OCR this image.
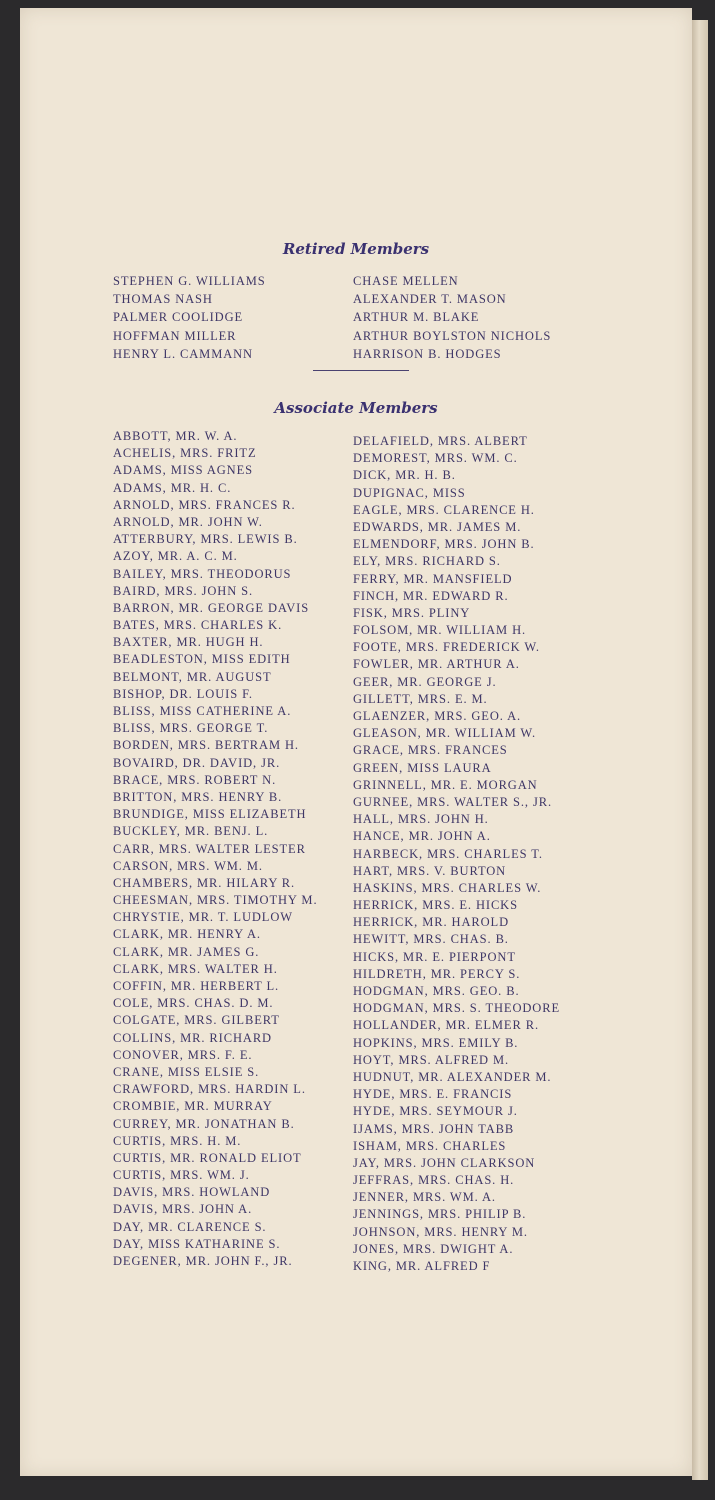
Retired Members
STEPHEN G. WILLIAMS
THOMAS NASH
PALMER COOLIDGE
HOFFMAN MILLER
HENRY L. CAMMANN
CHASE MELLEN
ALEXANDER T. MASON
ARTHUR M. BLAKE
ARTHUR BOYLSTON NICHOLS
HARRISON B. HODGES
Associate Members
ABBOTT, MR. W. A.
ACHELIS, MRS. FRITZ
ADAMS, MISS AGNES
ADAMS, MR. H. C.
ARNOLD, MRS. FRANCES R.
ARNOLD, MR. JOHN W.
ATTERBURY, MRS. LEWIS B.
AZOY, MR. A. C. M.
BAILEY, MRS. THEODORUS
BAIRD, MRS. JOHN S.
BARRON, MR. GEORGE DAVIS
BATES, MRS. CHARLES K.
BAXTER, MR. HUGH H.
BEADLESTON, MISS EDITH
BELMONT, MR. AUGUST
BISHOP, DR. LOUIS F.
BLISS, MISS CATHERINE A.
BLISS, MRS. GEORGE T.
BORDEN, MRS. BERTRAM H.
BOVAIRD, DR. DAVID, JR.
BRACE, MRS. ROBERT N.
BRITTON, MRS. HENRY B.
BRUNDIGE, MISS ELIZABETH
BUCKLEY, MR. BENJ. L.
CARR, MRS. WALTER LESTER
CARSON, MRS. WM. M.
CHAMBERS, MR. HILARY R.
CHEESMAN, MRS. TIMOTHY M.
CHRYSTIE, MR. T. LUDLOW
CLARK, MR. HENRY A.
CLARK, MR. JAMES G.
CLARK, MRS. WALTER H.
COFFIN, MR. HERBERT L.
COLE, MRS. CHAS. D. M.
COLGATE, MRS. GILBERT
COLLINS, MR. RICHARD
CONOVER, MRS. F. E.
CRANE, MISS ELSIE S.
CRAWFORD, MRS. HARDIN L.
CROMBIE, MR. MURRAY
CURREY, MR. JONATHAN B.
CURTIS, MRS. H. M.
CURTIS, MR. RONALD ELIOT
CURTIS, MRS. WM. J.
DAVIS, MRS. HOWLAND
DAVIS, MRS. JOHN A.
DAY, MR. CLARENCE S.
DAY, MISS KATHARINE S.
DEGENER, MR. JOHN F., JR.
DELAFIELD, MRS. ALBERT
DEMOREST, MRS. WM. C.
DICK, MR. H. B.
DUPIGNAC, MISS
EAGLE, MRS. CLARENCE H.
EDWARDS, MR. JAMES M.
ELMENDORF, MRS. JOHN B.
ELY, MRS. RICHARD S.
FERRY, MR. MANSFIELD
FINCH, MR. EDWARD R.
FISK, MRS. PLINY
FOLSOM, MR. WILLIAM H.
FOOTE, MRS. FREDERICK W.
FOWLER, MR. ARTHUR A.
GEER, MR. GEORGE J.
GILLETT, MRS. E. M.
GLAENZER, MRS. GEO. A.
GLEASON, MR. WILLIAM W.
GRACE, MRS. FRANCES
GREEN, MISS LAURA
GRINNELL, MR. E. MORGAN
GURNEE, MRS. WALTER S., JR.
HALL, MRS. JOHN H.
HANCE, MR. JOHN A.
HARBECK, MRS. CHARLES T.
HART, MRS. V. BURTON
HASKINS, MRS. CHARLES W.
HERRICK, MRS. E. HICKS
HERRICK, MR. HAROLD
HEWITT, MRS. CHAS. B.
HICKS, MR. E. PIERPONT
HILDRETH, MR. PERCY S.
HODGMAN, MRS. GEO. B.
HODGMAN, MRS. S. THEODORE
HOLLANDER, MR. ELMER R.
HOPKINS, MRS. EMILY B.
HOYT, MRS. ALFRED M.
HUDNUT, MR. ALEXANDER M.
HYDE, MRS. E. FRANCIS
HYDE, MRS. SEYMOUR J.
IJAMS, MRS. JOHN TABB
ISHAM, MRS. CHARLES
JAY, MRS. JOHN CLARKSON
JEFFRAS, MRS. CHAS. H.
JENNER, MRS. WM. A.
JENNINGS, MRS. PHILIP B.
JOHNSON, MRS. HENRY M.
JONES, MRS. DWIGHT A.
KING, MR. ALFRED F
